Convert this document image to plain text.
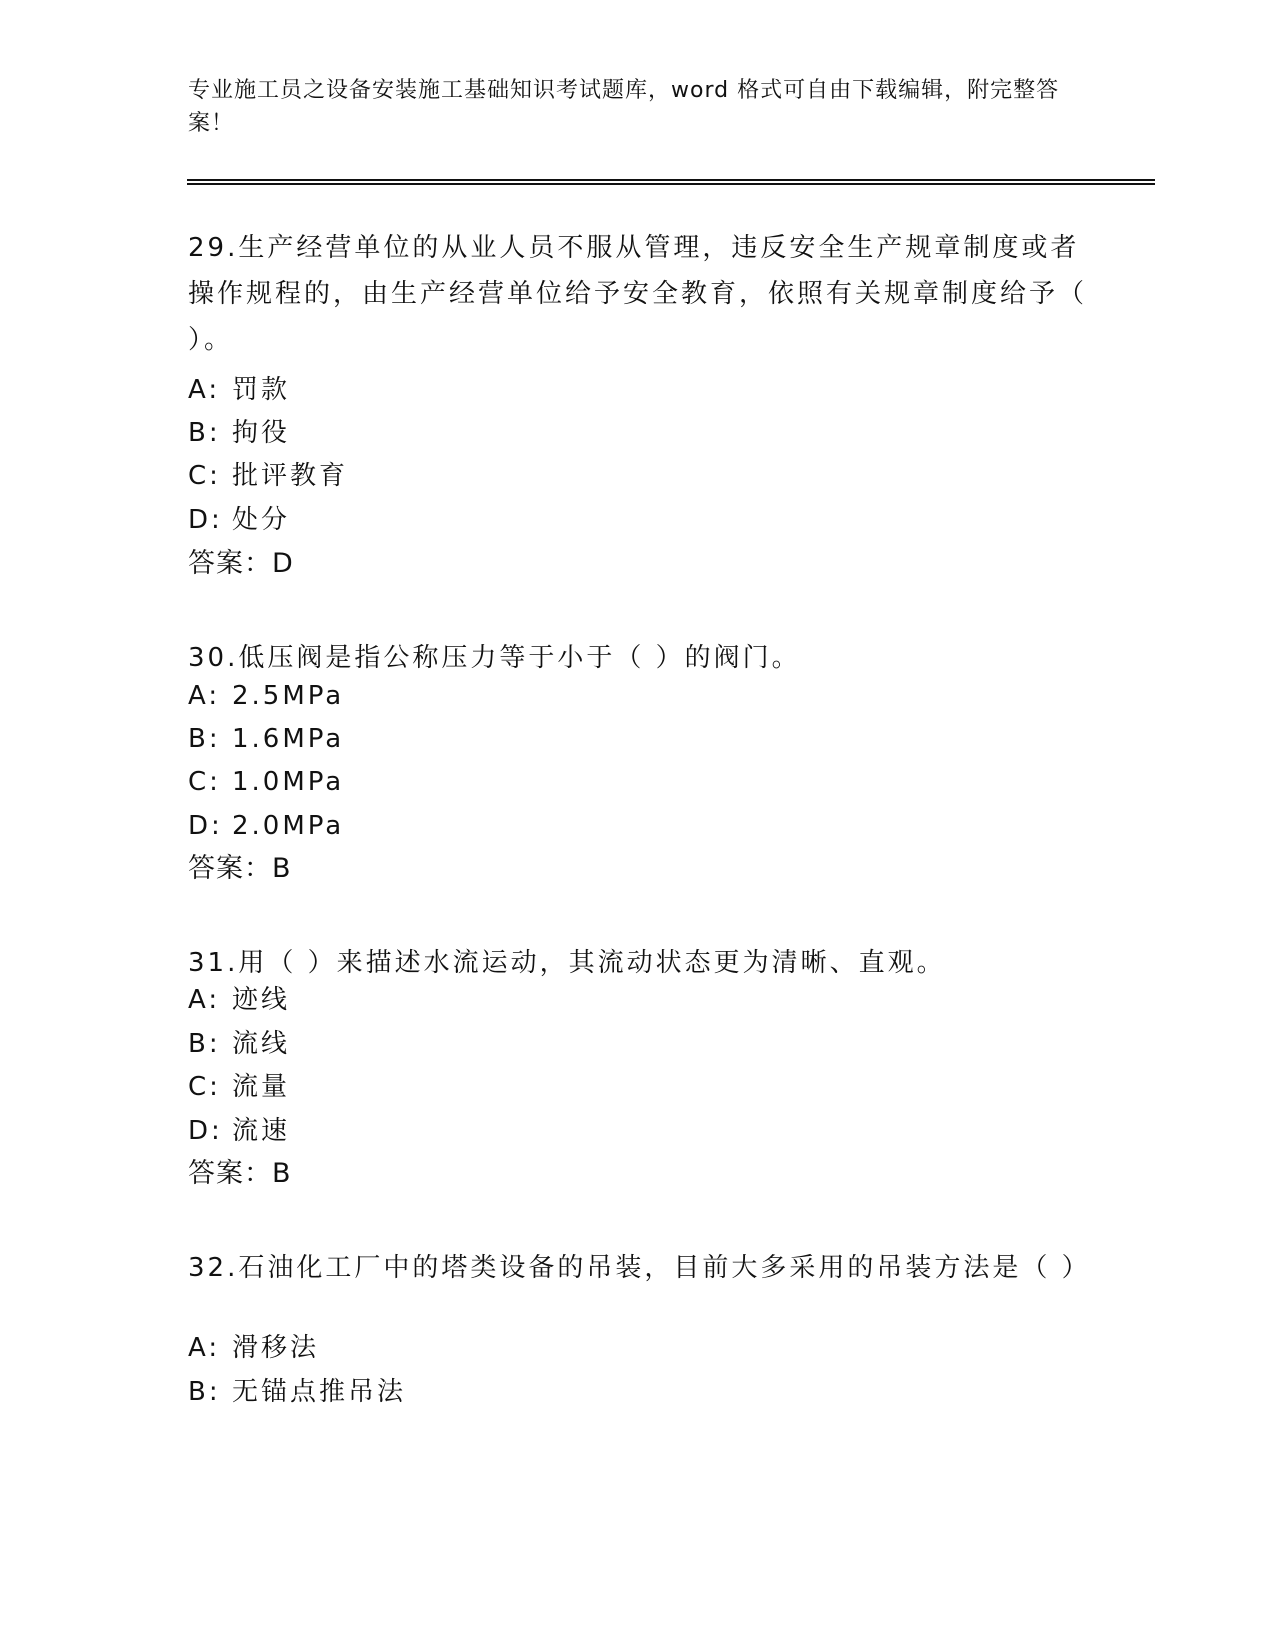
专业施工员之设备安装施工基础知识考试题库，word 格式可自由下载编辑，附完整答案！

29.生产经营单位的从业人员不服从管理，违反安全生产规章制度或者操作规程的，由生产经营单位给予安全教育，依照有关规章制度给予（ ）。

A: 罚款
B: 拘役
C: 批评教育
D: 处分
答案：D

30.低压阀是指公称压力等于小于（ ）的阀门。

A: 2.5MPa
B: 1.6MPa
C: 1.0MPa
D: 2.0MPa
答案：B

31.用（ ）来描述水流运动，其流动状态更为清晰、直观。

A: 迹线
B: 流线
C: 流量
D: 流速
答案：B

32.石油化工厂中的塔类设备的吊装，目前大多采用的吊装方法是（ ）

A: 滑移法
B: 无锚点推吊法
